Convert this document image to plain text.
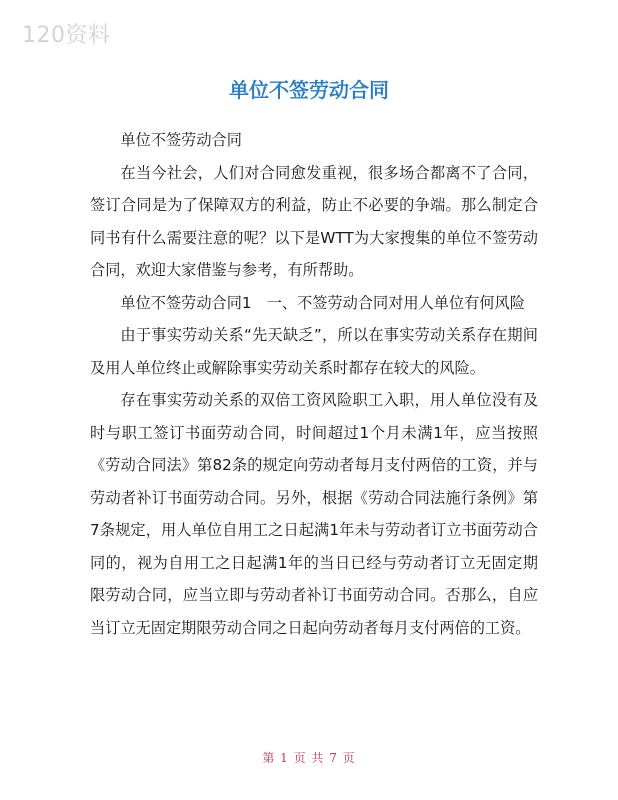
120资料
单位不签劳动合同

单位不签劳动合同

在当今社会，人们对合同愈发重视，很多场合都离不了合同，签订合同是为了保障双方的利益，防止不必要的争端。那么制定合同书有什么需要注意的呢？以下是WTT为大家搜集的单位不签劳动合同，欢迎大家借鉴与参考，有所帮助。

单位不签劳动合同1　一、不签劳动合同对用人单位有何风险

由于事实劳动关系“先天缺乏”，所以在事实劳动关系存在期间及用人单位终止或解除事实劳动关系时都存在较大的风险。

存在事实劳动关系的双倍工资风险职工入职，用人单位没有及时与职工签订书面劳动合同，时间超过1个月未满1年，应当按照《劳动合同法》第82条的规定向劳动者每月支付两倍的工资，并与劳动者补订书面劳动合同。另外，根据《劳动合同法施行条例》第7条规定，用人单位自用工之日起满1年未与劳动者订立书面劳动合同的，视为自用工之日起满1年的当日已经与劳动者订立无固定期限劳动合同，应当立即与劳动者补订书面劳动合同。否那么，自应当订立无固定期限劳动合同之日起向劳动者每月支付两倍的工资。

第 1 页 共 7 页
